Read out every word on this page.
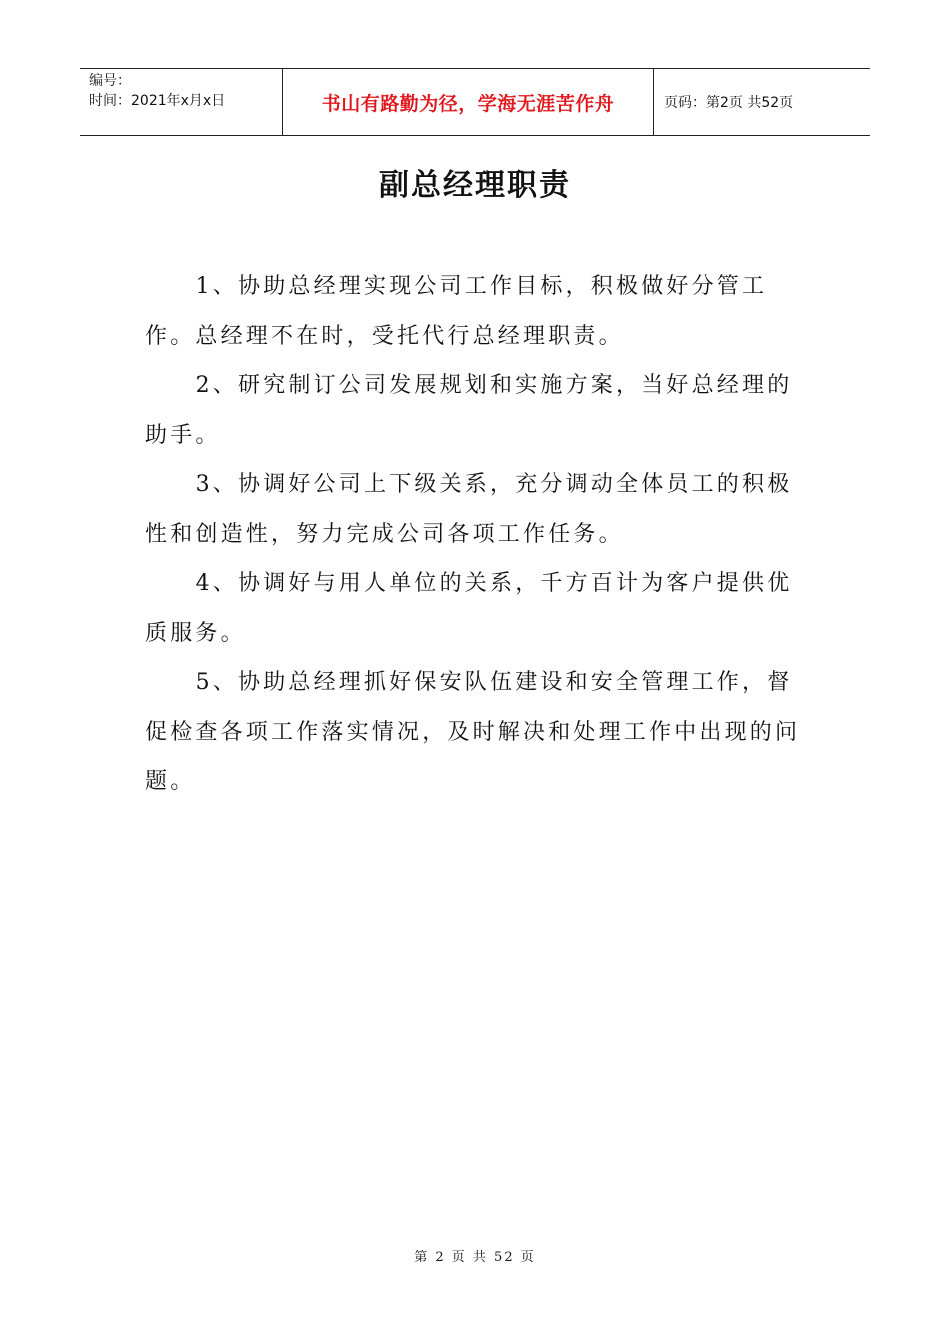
编号：
时间：2021年x月x日	书山有路勤为径，学海无涯苦作舟	页码：第2页 共52页
副总经理职责

1、协助总经理实现公司工作目标，积极做好分管工作。总经理不在时，受托代行总经理职责。

2、研究制订公司发展规划和实施方案，当好总经理的助手。

3、协调好公司上下级关系，充分调动全体员工的积极性和创造性，努力完成公司各项工作任务。

4、协调好与用人单位的关系，千方百计为客户提供优质服务。

5、协助总经理抓好保安队伍建设和安全管理工作，督促检查各项工作落实情况，及时解决和处理工作中出现的问题。

第 2 页 共 52 页
